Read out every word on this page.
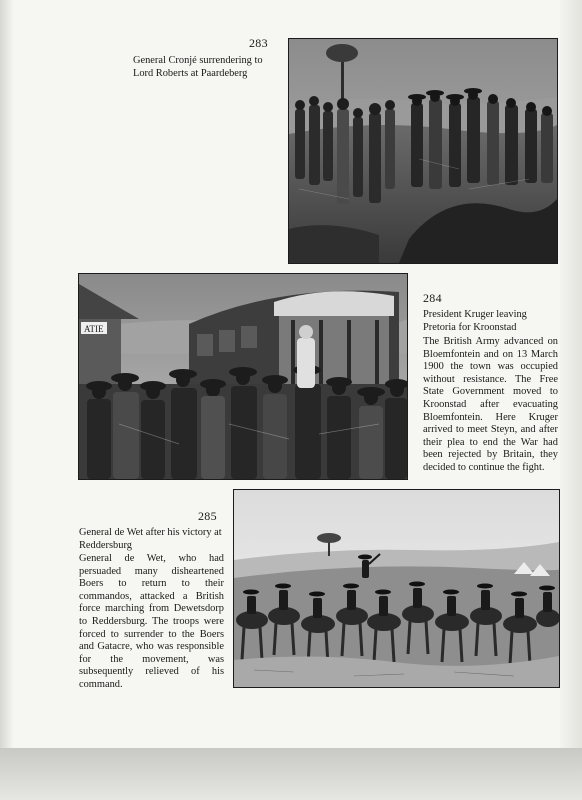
283
General Cronjé surrendering to Lord Roberts at Paardeberg
ATIE
284
President Kruger leaving Pretoria for Kroonstad
The British Army advanced on Bloemfontein and on 13 March 1900 the town was occupied without resistance. The Free State Government moved to Kroonstad after evacuating Bloemfontein. Here Kruger arrived to meet Steyn, and after their plea to end the War had been rejected by Britain, they decided to continue the fight.
285
General de Wet after his victory at Reddersburg
General de Wet, who had persuaded many disheartened Boers to return to their commandos, attacked a British force marching from Dewetsdorp to Reddersburg. The troops were forced to surrender to the Boers and Gatacre, who was responsible for the movement, was subsequently relieved of his command.
